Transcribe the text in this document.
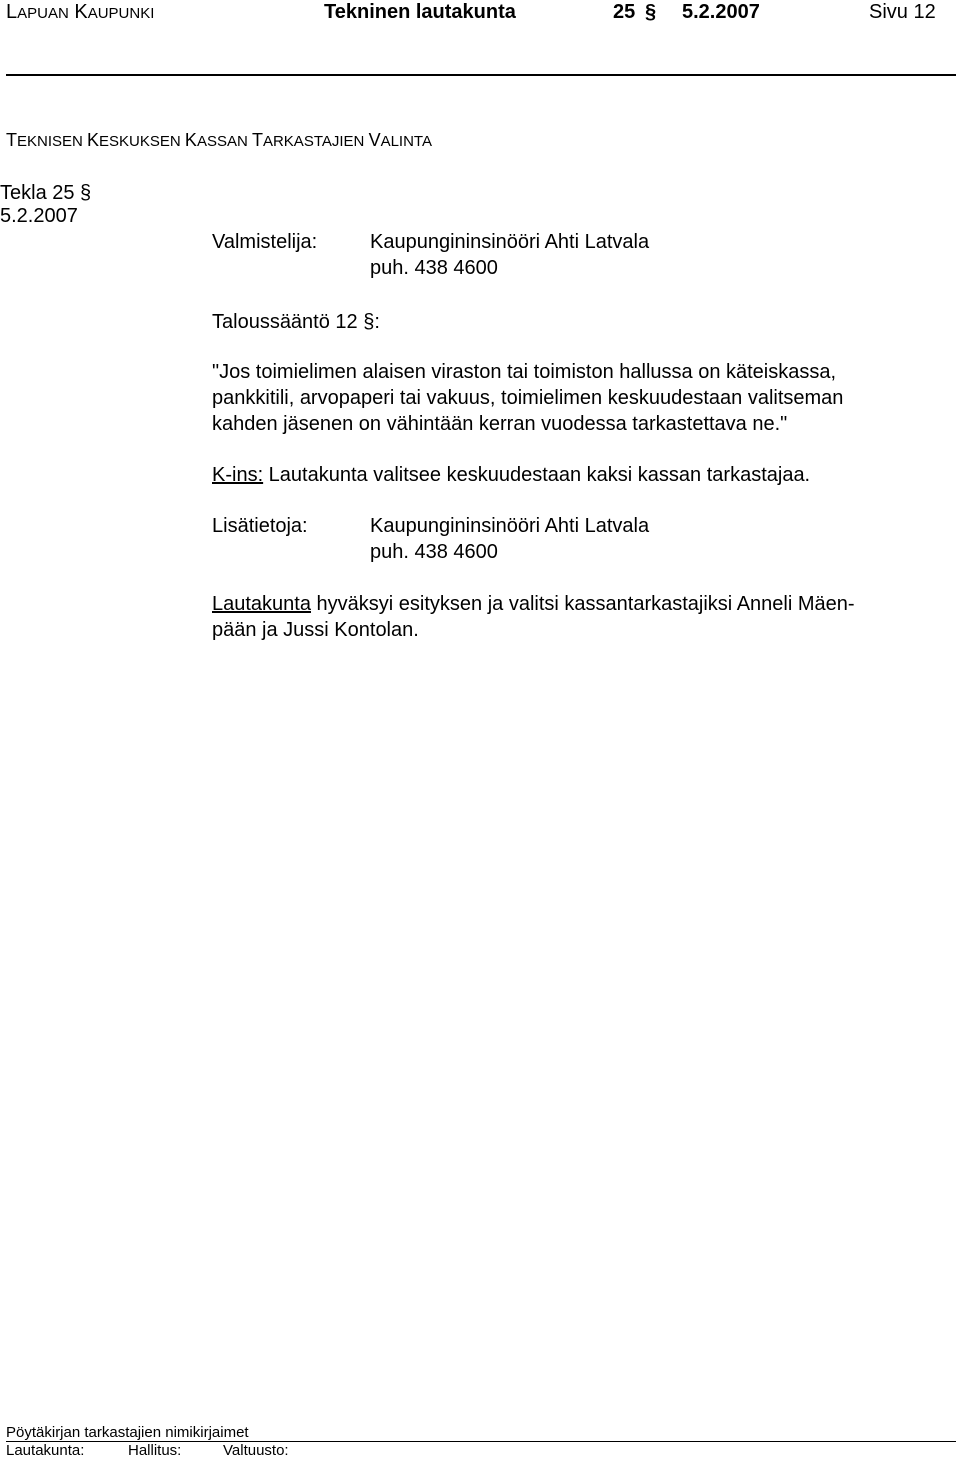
LAPUAN KAUPUNKI	Tekninen lautakunta	25 § 5.2.2007	Sivu 12
TEKNISEN KESKUKSEN KASSAN TARKASTAJIEN VALINTA
Tekla 25 §
5.2.2007
Valmistelija:	Kaupungininsinööri Ahti Latvala
puh. 438 4600
Taloussääntö 12 §:
"Jos toimielimen alaisen viraston tai toimiston hallussa on käteiskassa,
pankkitili, arvopaperi tai vakuus, toimielimen keskuudestaan valitseman
kahden jäsenen on vähintään kerran vuodessa tarkastettava ne."
K-ins: Lautakunta valitsee keskuudestaan kaksi kassan tarkastajaa.
Lisätietoja:	Kaupungininsinööri Ahti Latvala
puh. 438 4600
Lautakunta hyväksyi esityksen ja valitsi kassantarkastajiksi Anneli Mäen-
pään ja Jussi Kontolan.
Pöytäkirjan tarkastajien nimikirjaimet
Lautakunta:	Hallitus:	Valtuusto:
